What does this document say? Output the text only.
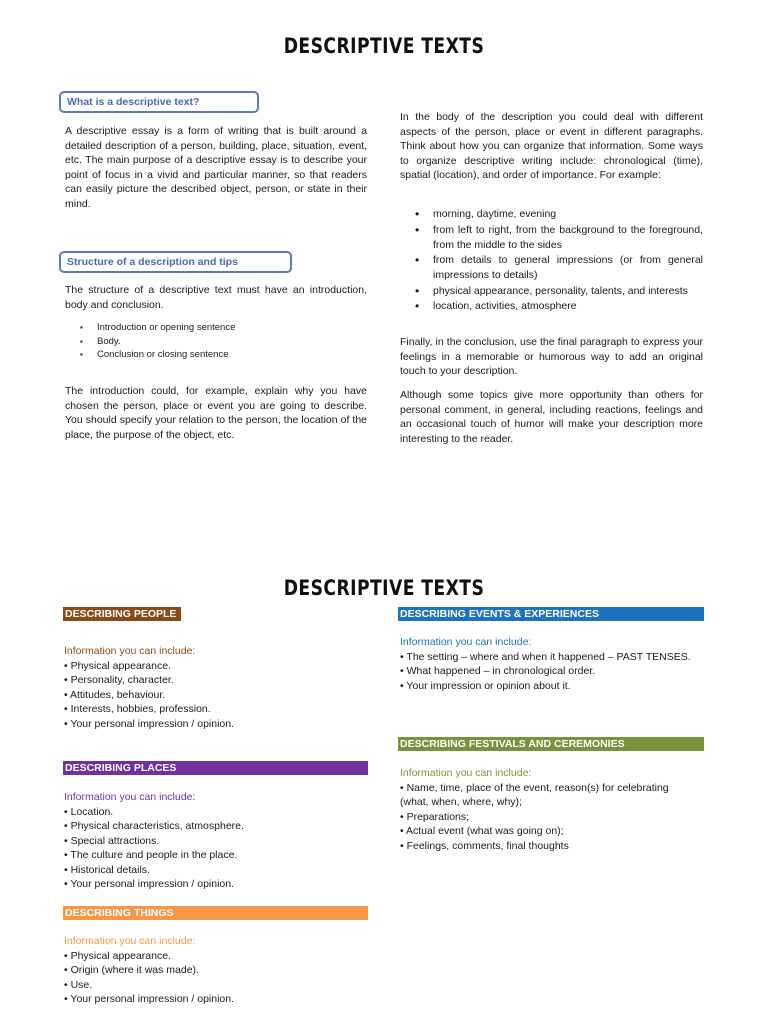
DESCRIPTIVE TEXTS
What is a descriptive text?

A descriptive essay is a form of writing that is built around a detailed description of a person, building, place, situation, event, etc. The main purpose of a descriptive essay is to describe your point of focus in a vivid and particular manner, so that readers can easily picture the described object, person, or state in their mind.

Structure of a description and tips

The structure of a descriptive text must have an introduction, body and conclusion.

▪ Introduction or opening sentence
▪ Body.
▪ Conclusion or closing sentence

The introduction could, for example, explain why you have chosen the person, place or event you are going to describe. You should specify your relation to the person, the location of the place, the purpose of the object, etc.

In the body of the description you could deal with different aspects of the person, place or event in different paragraphs. Think about how you can organize that information. Some ways to organize descriptive writing include: chronological (time), spatial (location), and order of importance. For example:

• morning, daytime, evening
• from left to right, from the background to the foreground, from the middle to the sides
• from details to general impressions (or from general impressions to details)
• physical appearance, personality, talents, and interests
• location, activities, atmosphere

Finally, in the conclusion, use the final paragraph to express your feelings in a memorable or humorous way to add an original touch to your description.

Although some topics give more opportunity than others for personal comment, in general, including reactions, feelings and an occasional touch of humor will make your description more interesting to the reader.

DESCRIPTIVE TEXTS
DESCRIBING PEOPLE
Information you can include:
• Physical appearance.
• Personality, character.
• Attitudes, behaviour.
• Interests, hobbies, profession.
• Your personal impression / opinion.
DESCRIBING PLACES
Information you can include:
• Location.
• Physical characteristics, atmosphere.
• Special attractions.
• The culture and people in the place.
• Historical details.
• Your personal impression / opinion.
DESCRIBING THINGS
Information you can include:
• Physical appearance.
• Origin (where it was made).
• Use.
• Your personal impression / opinion.
DESCRIBING EVENTS & EXPERIENCES
Information you can include:
• The setting – where and when it happened – PAST TENSES.
• What happened – in chronological order.
• Your impression or opinion about it.
DESCRIBING FESTIVALS AND CEREMONIES
Information you can include:
• Name, time, place of the event, reason(s) for celebrating (what, when, where, why);
• Preparations;
• Actual event (what was going on);
• Feelings, comments, final thoughts
